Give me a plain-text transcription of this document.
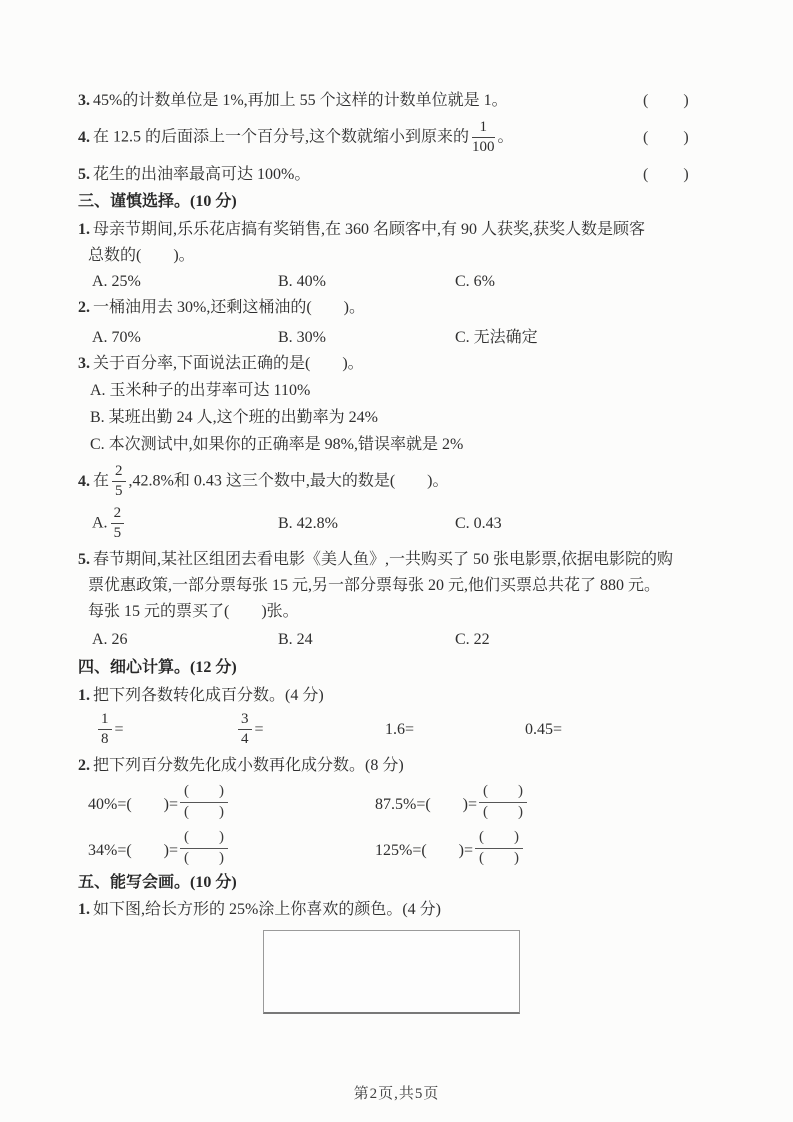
3. 45%的计数单位是 1%,再加上 55 个这样的计数单位就是 1。	(　　)
4. 在 12.5 的后面添上一个百分号,这个数就缩小到原来的 $\frac{1}{100}$ 。	(　　)
5. 花生的出油率最高可达 100%。	(　　)
三、谨慎选择。(10 分)
1. 母亲节期间,乐乐花店搞有奖销售,在 360 名顾客中,有 90 人获奖,获奖人数是顾客
总数的(　　)。
A. 25%	B. 40%	C. 6%
2. 一桶油用去 30%,还剩这桶油的(　　)。
A. 70%	B. 30%	C. 无法确定
3. 关于百分率,下面说法正确的是(　　)。
A. 玉米种子的出芽率可达 110%
B. 某班出勤 24 人,这个班的出勤率为 24%
C. 本次测试中,如果你的正确率是 98%,错误率就是 2%
4. 在 $\frac{2}{5} ,42.8\%$和 0.43 这三个数中,最大的数是(　　)。
A. $\frac{2}{5}$	B. 42.8%	C. 0.43
5. 春节期间,某社区组团去看电影《美人鱼》,一共购买了 50 张电影票,依据电影院的购
票优惠政策,一部分票每张 15 元,另一部分票每张 20 元,他们买票总共花了 880 元。
每张 15 元的票买了(　　)张。
A. 26	B. 24	C. 22
四、细心计算。(12 分)
1. 把下列各数转化成百分数。(4 分)
$\frac{1}{8}$ =	$\frac{3}{4}$ =	1.6=	0.45=
2. 把下列百分数先化成小数再化成分数。(8 分)
40%=(　　)=
(　　)
(　　)	87.5%=(　　)=
(　　)
(　　)
34%=(　　)=
(　　)
(　　)	125%=(　　)=
(　　)
(　　)
五、能写会画。(10 分)
1. 如下图,给长方形的 25%涂上你喜欢的颜色。(4 分)
第2页,共5页
